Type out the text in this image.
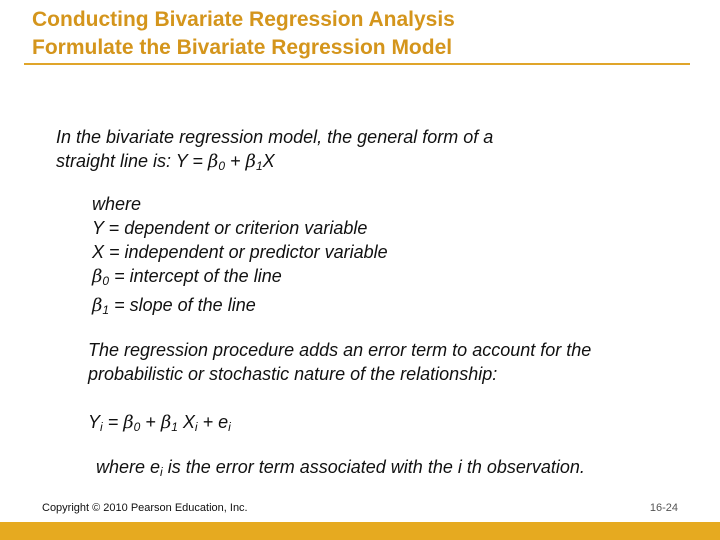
Conducting Bivariate Regression Analysis
Formulate the Bivariate Regression Model
In the bivariate regression model, the general form of a
straight line is: $Y = \beta_0 + \beta_1X$
where
Y = dependent or criterion variable
X = independent or predictor variable
$\beta_0$ = intercept of the line
$\beta_1$ = slope of the line
The regression procedure adds an error term to account for the
probabilistic or stochastic nature of the relationship:
$Y_i = \beta_0 + \beta_1$ $X_i + e_i$
where $e_i$ is the error term associated with the i th observation.
Copyright © 2010 Pearson Education, Inc.	16-24
